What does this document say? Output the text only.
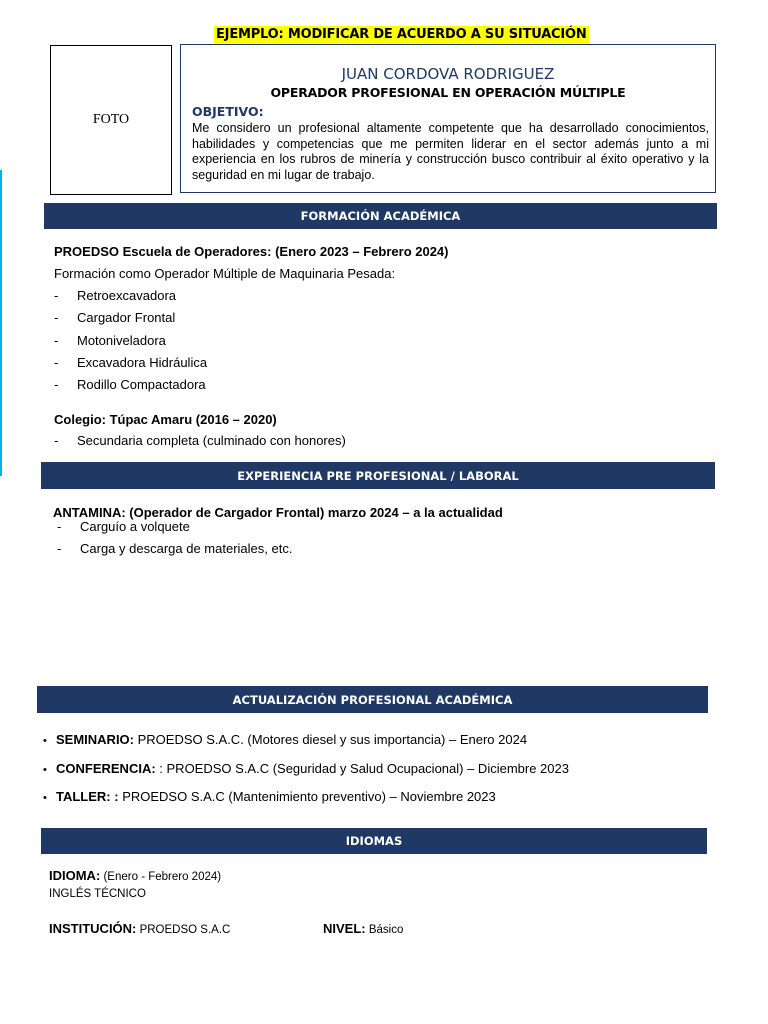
EJEMPLO: MODIFICAR DE ACUERDO A SU SITUACIÓN
FOTO
JUAN CORDOVA RODRIGUEZ
OPERADOR PROFESIONAL EN OPERACIÓN MÚLTIPLE
OBJETIVO:
Me considero un profesional altamente competente que ha desarrollado conocimientos, habilidades y competencias que me permiten liderar en el sector además junto a mi experiencia en los rubros de minería y construcción busco contribuir al éxito operativo y la seguridad en mi lugar de trabajo.
FORMACIÓN ACADÉMICA
PROEDSO Escuela de Operadores: (Enero 2023 – Febrero 2024)
Formación como Operador Múltiple de Maquinaria Pesada:
- Retroexcavadora
- Cargador Frontal
- Motoniveladora
- Excavadora Hidráulica
- Rodillo Compactadora
Colegio: Túpac Amaru (2016 – 2020)
- Secundaria completa (culminado con honores)
EXPERIENCIA PRE PROFESIONAL / LABORAL
ANTAMINA: (Operador de Cargador Frontal) marzo 2024 – a la actualidad
- Carguío a volquete
- Carga y descarga de materiales, etc.
ACTUALIZACIÓN PROFESIONAL ACADÉMICA
• SEMINARIO: PROEDSO S.A.C. (Motores diesel y sus importancia) – Enero 2024
• CONFERENCIA: : PROEDSO S.A.C (Seguridad y Salud Ocupacional) – Diciembre 2023
• TALLER: : PROEDSO S.A.C (Mantenimiento preventivo) – Noviembre 2023
IDIOMAS
IDIOMA: (Enero - Febrero 2024)
INGLÉS TÉCNICO
INSTITUCIÓN: PROEDSO S.A.C	NIVEL: Básico
